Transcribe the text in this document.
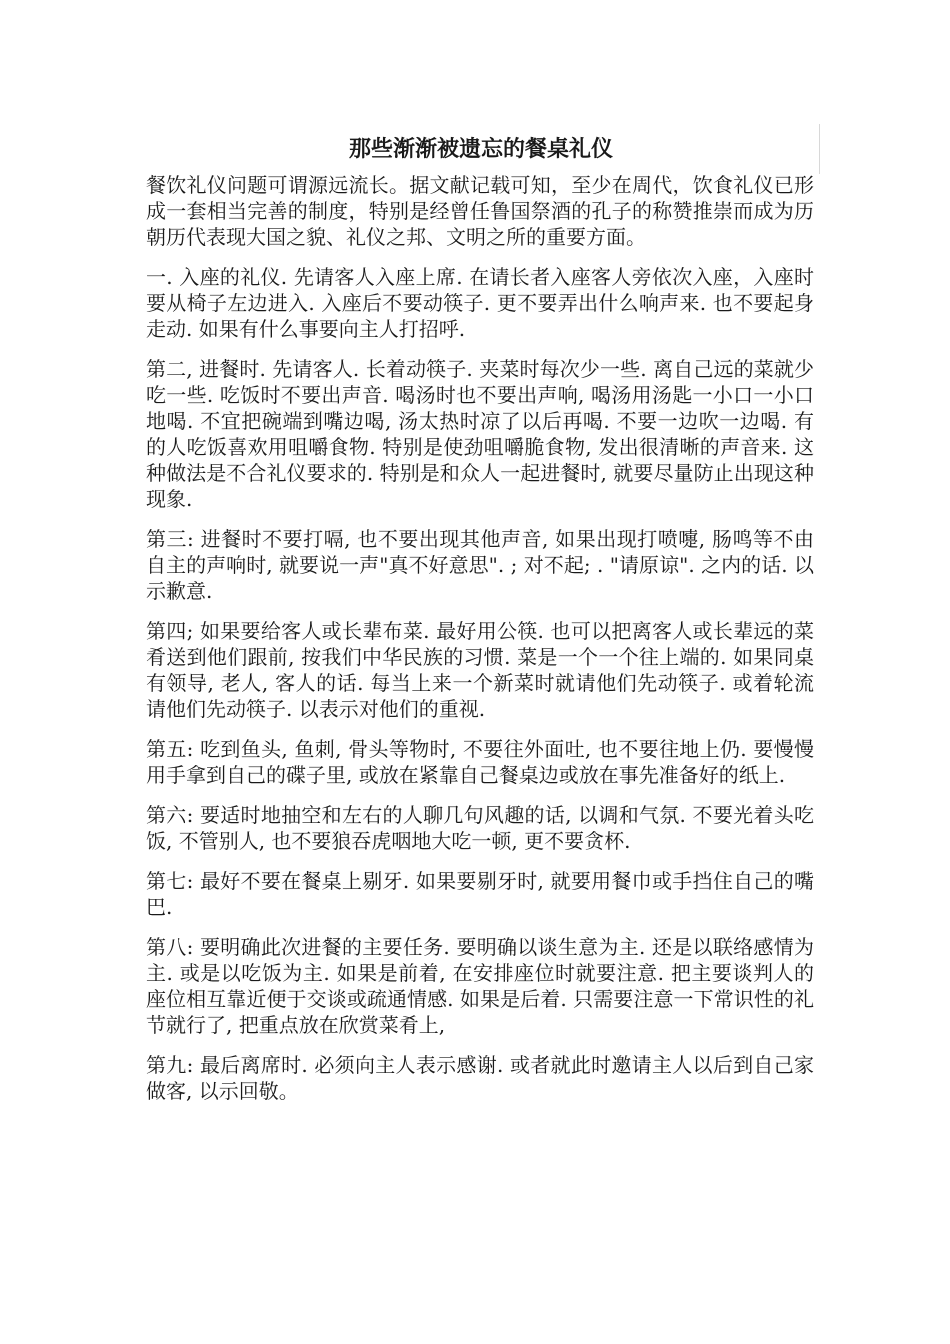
那些渐渐被遗忘的餐桌礼仪

餐饮礼仪问题可谓源远流长。据文献记载可知，至少在周代，饮食礼仪已形成一套相当完善的制度，特别是经曾任鲁国祭酒的孔子的称赞推崇而成为历朝历代表现大国之貌、礼仪之邦、文明之所的重要方面。

一. 入座的礼仪. 先请客人入座上席. 在请长者入座客人旁依次入座，入座时要从椅子左边进入. 入座后不要动筷子. 更不要弄出什么响声来. 也不要起身走动. 如果有什么事要向主人打招呼.

第二, 进餐时. 先请客人. 长着动筷子. 夹菜时每次少一些. 离自己远的菜就少吃一些. 吃饭时不要出声音. 喝汤时也不要出声响, 喝汤用汤匙一小口一小口地喝. 不宜把碗端到嘴边喝, 汤太热时凉了以后再喝. 不要一边吹一边喝. 有的人吃饭喜欢用咀嚼食物. 特别是使劲咀嚼脆食物, 发出很清晰的声音来. 这种做法是不合礼仪要求的. 特别是和众人一起进餐时, 就要尽量防止出现这种现象.

第三: 进餐时不要打嗝, 也不要出现其他声音, 如果出现打喷嚏, 肠鸣等不由自主的声响时, 就要说一声"真不好意思". ; 对不起; . "请原谅". 之内的话. 以示歉意.

第四; 如果要给客人或长辈布菜. 最好用公筷. 也可以把离客人或长辈远的菜肴送到他们跟前, 按我们中华民族的习惯. 菜是一个一个往上端的. 如果同桌有领导, 老人, 客人的话. 每当上来一个新菜时就请他们先动筷子. 或着轮流请他们先动筷子. 以表示对他们的重视.

第五: 吃到鱼头, 鱼刺, 骨头等物时, 不要往外面吐, 也不要往地上仍. 要慢慢用手拿到自己的碟子里, 或放在紧靠自己餐桌边或放在事先准备好的纸上.

第六: 要适时地抽空和左右的人聊几句风趣的话, 以调和气氛. 不要光着头吃饭, 不管别人, 也不要狼吞虎咽地大吃一顿, 更不要贪杯.

第七: 最好不要在餐桌上剔牙. 如果要剔牙时, 就要用餐巾或手挡住自己的嘴巴.

第八: 要明确此次进餐的主要任务. 要明确以谈生意为主. 还是以联络感情为主. 或是以吃饭为主. 如果是前着, 在安排座位时就要注意. 把主要谈判人的座位相互靠近便于交谈或疏通情感. 如果是后着. 只需要注意一下常识性的礼节就行了, 把重点放在欣赏菜肴上,

第九: 最后离席时. 必须向主人表示感谢. 或者就此时邀请主人以后到自己家做客, 以示回敬。
